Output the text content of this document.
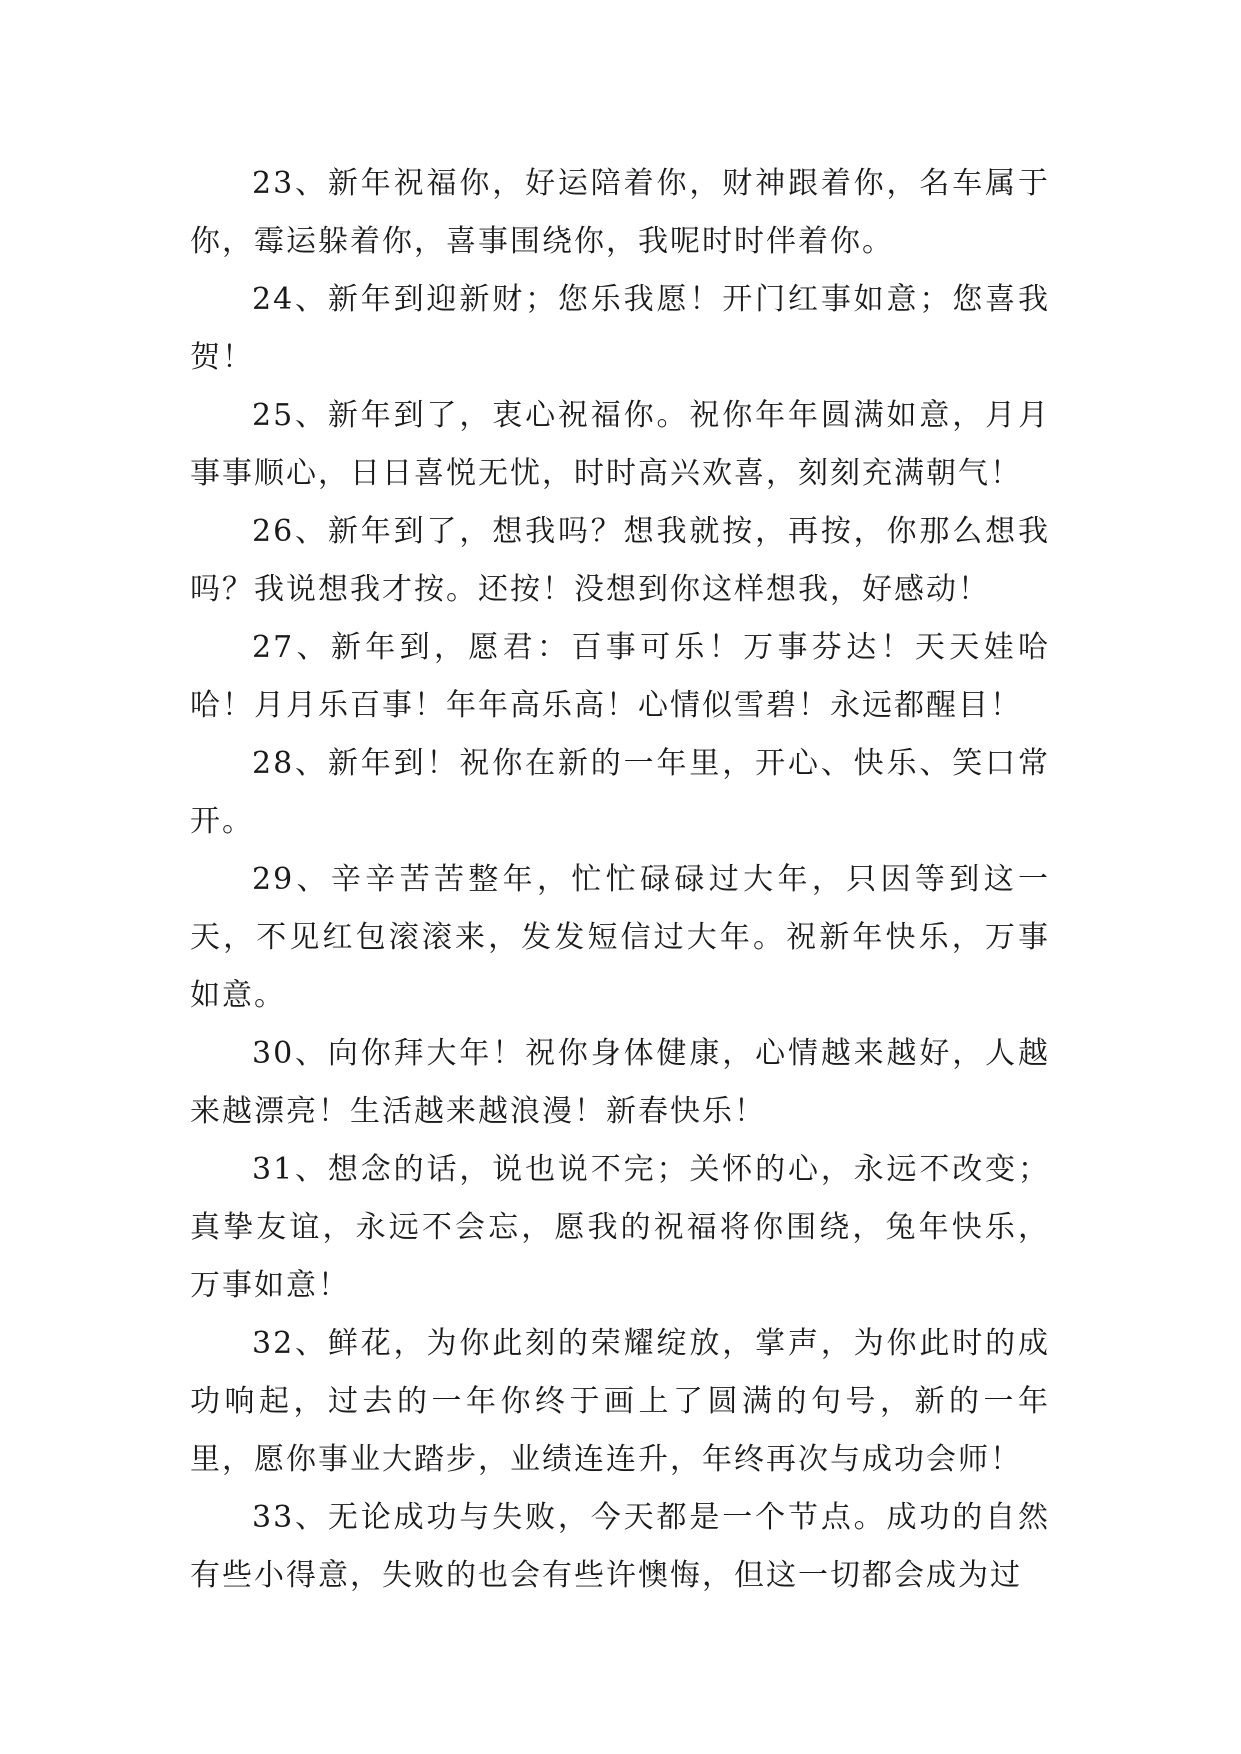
23、新年祝福你，好运陪着你，财神跟着你，名车属于你，霉运躲着你，喜事围绕你，我呢时时伴着你。

24、新年到迎新财；您乐我愿！开门红事如意；您喜我贺！

25、新年到了，衷心祝福你。祝你年年圆满如意，月月事事顺心，日日喜悦无忧，时时高兴欢喜，刻刻充满朝气！

26、新年到了，想我吗？想我就按，再按，你那么想我吗？我说想我才按。还按！没想到你这样想我，好感动！

27、新年到，愿君：百事可乐！万事芬达！天天娃哈哈！月月乐百事！年年高乐高！心情似雪碧！永远都醒目！

28、新年到！祝你在新的一年里，开心、快乐、笑口常开。

29、辛辛苦苦整年，忙忙碌碌过大年，只因等到这一天，不见红包滚滚来，发发短信过大年。祝新年快乐，万事如意。

30、向你拜大年！祝你身体健康，心情越来越好，人越来越漂亮！生活越来越浪漫！新春快乐！

31、想念的话，说也说不完；关怀的心，永远不改变；真挚友谊，永远不会忘，愿我的祝福将你围绕，兔年快乐，万事如意！

32、鲜花，为你此刻的荣耀绽放，掌声，为你此时的成功响起，过去的一年你终于画上了圆满的句号，新的一年里，愿你事业大踏步，业绩连连升，年终再次与成功会师！

33、无论成功与失败，今天都是一个节点。成功的自然有些小得意，失败的也会有些许懊悔，但这一切都会成为过
